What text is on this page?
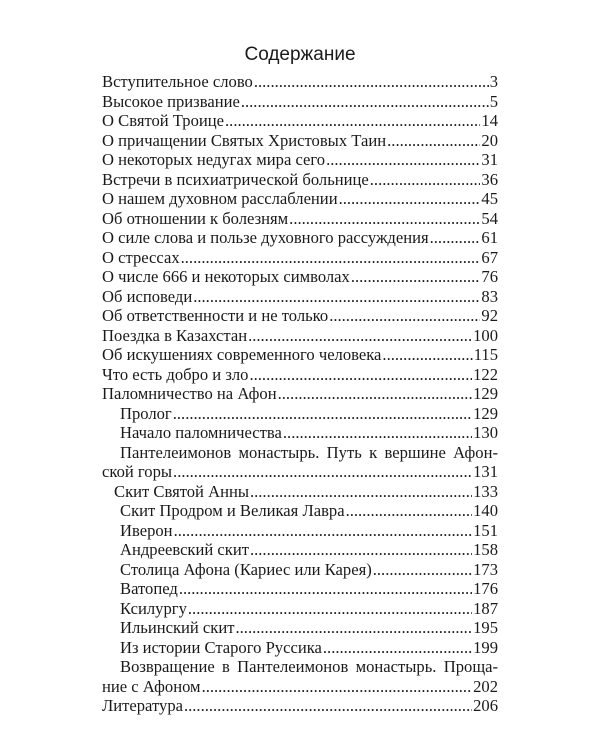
Содержание
Вступительное слово .....	3
Высокое призвание .....	5
О Святой Троице .....	14
О причащении Святых Христовых Таин .....	20
О некоторых недугах мира сего .....	31
Встречи в психиатрической больнице .....	36
О нашем духовном расслаблении .....	45
Об отношении к болезням .....	54
О силе слова и пользе духовного рассуждения .....	61
О стрессах .....	67
О числе 666 и некоторых символах .....	76
Об исповеди .....	83
Об ответственности и не только .....	92
Поездка в Казахстан .....	100
Об искушениях современного человека .....	115
Что есть добро и зло .....	122
Паломничество на Афон .....	129
Пролог .....	129
Начало паломничества .....	130
Пантелеимонов монастырь. Путь к вершине Афон-
ской горы .....	131
Скит Святой Анны .....	133
Скит Продром и Великая Лавра .....	140
Иверон .....	151
Андреевский скит .....	158
Столица Афона (Кариес или Карея) .....	173
Ватопед .....	176
Ксилургу .....	187
Ильинский скит .....	195
Из истории Старого Руссика .....	199
Возвращение в Пантелеимонов монастырь. Проща-
ние с Афоном .....	202
Литература .....	206
